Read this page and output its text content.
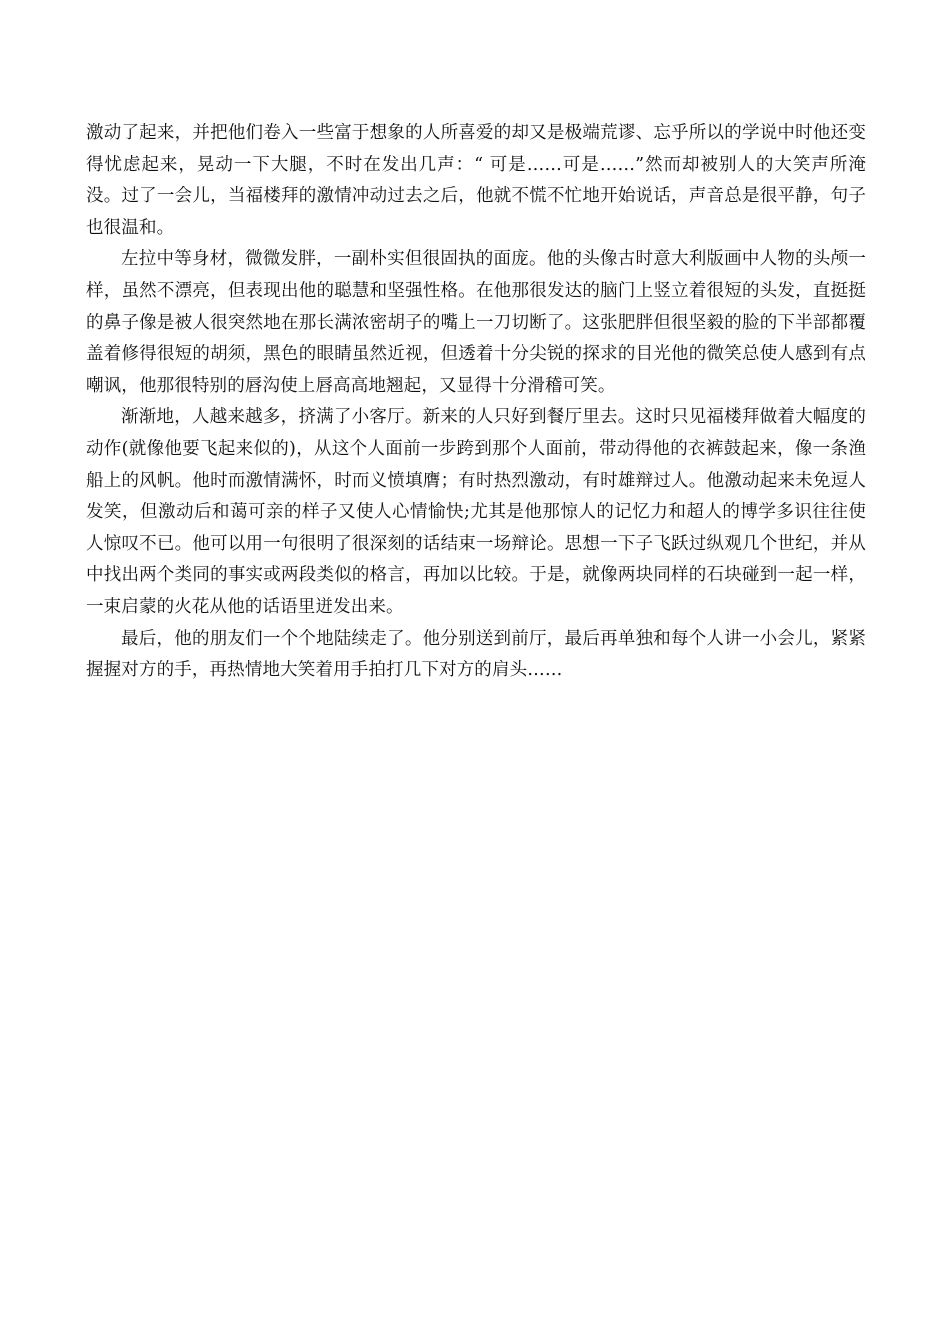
激动了起来，并把他们卷入一些富于想象的人所喜爱的却又是极端荒谬、忘乎所以的学说中时他还变得忧虑起来，晃动一下大腿，不时在发出几声：“ 可是……可是……”然而却被别人的大笑声所淹没。过了一会儿，当福楼拜的激情冲动过去之后，他就不慌不忙地开始说话，声音总是很平静，句子也很温和。

左拉中等身材，微微发胖，一副朴实但很固执的面庞。他的头像古时意大利版画中人物的头颅一样，虽然不漂亮，但表现出他的聪慧和坚强性格。在他那很发达的脑门上竖立着很短的头发，直挺挺的鼻子像是被人很突然地在那长满浓密胡子的嘴上一刀切断了。这张肥胖但很坚毅的脸的下半部都覆盖着修得很短的胡须，黑色的眼睛虽然近视，但透着十分尖锐的探求的目光他的微笑总使人感到有点嘲讽，他那很特别的唇沟使上唇高高地翘起，又显得十分滑稽可笑。

渐渐地，人越来越多，挤满了小客厅。新来的人只好到餐厅里去。这时只见福楼拜做着大幅度的动作(就像他要飞起来似的)，从这个人面前一步跨到那个人面前，带动得他的衣裤鼓起来，像一条渔船上的风帆。他时而激情满怀，时而义愤填膺；有时热烈激动，有时雄辩过人。他激动起来未免逗人发笑，但激动后和蔼可亲的样子又使人心情愉快;尤其是他那惊人的记忆力和超人的博学多识往往使人惊叹不已。他可以用一句很明了很深刻的话结束一场辩论。思想一下子飞跃过纵观几个世纪，并从中找出两个类同的事实或两段类似的格言，再加以比较。于是，就像两块同样的石块碰到一起一样，一束启蒙的火花从他的话语里迸发出来。

最后，他的朋友们一个个地陆续走了。他分别送到前厅，最后再单独和每个人讲一小会儿，紧紧握握对方的手，再热情地大笑着用手拍打几下对方的肩头……
